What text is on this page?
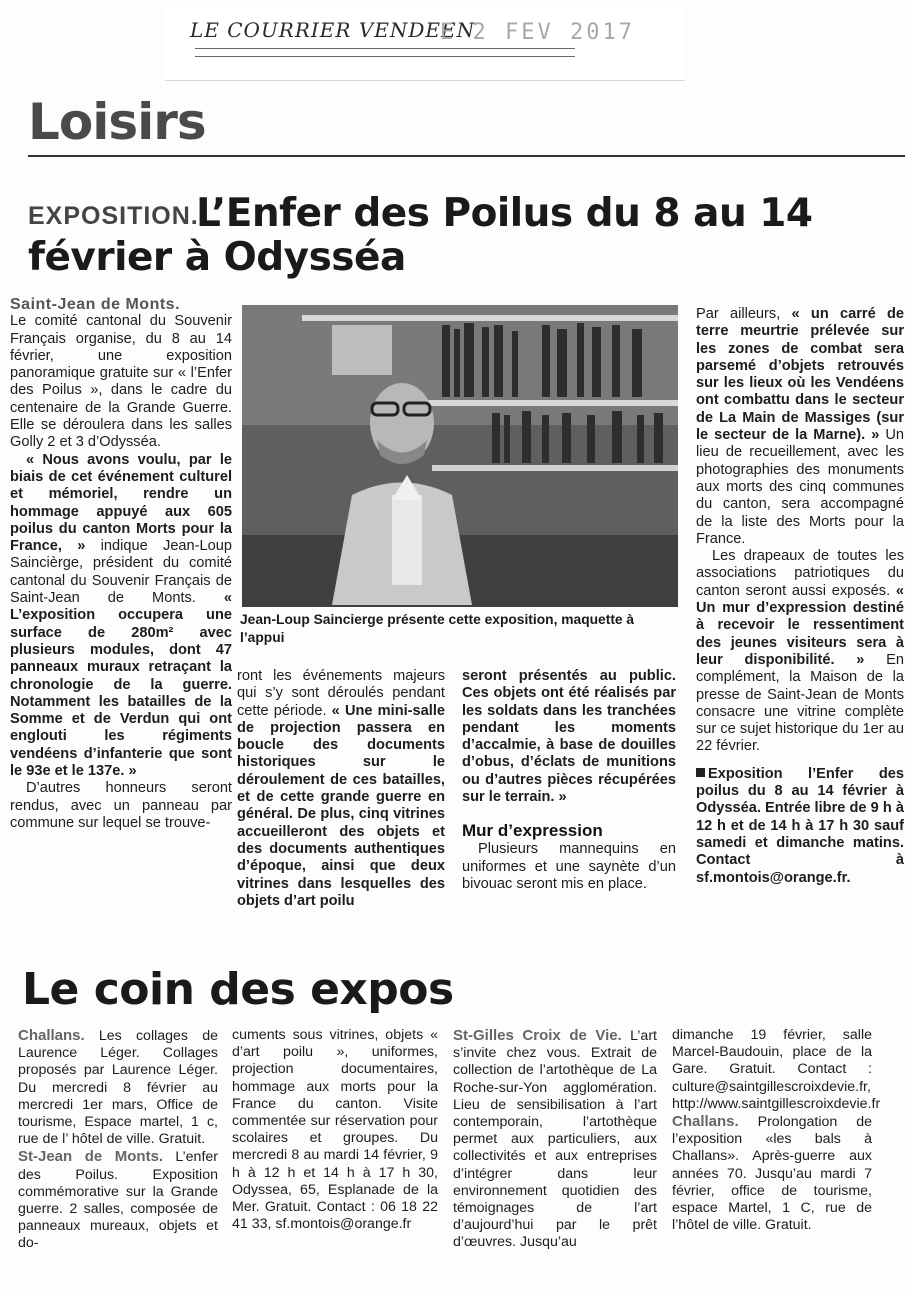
LE COURRIER VENDEEN
E 2 FEV 2017
Loisirs
EXPOSITION.
L’Enfer des Poilus du 8 au 14 février à Odysséa
Saint-Jean de Monts.

Le comité cantonal du Souvenir Français organise, du 8 au 14 février, une exposition panoramique gratuite sur « l’Enfer des Poilus », dans le cadre du centenaire de la Grande Guerre. Elle se déroulera dans les salles Golly 2 et 3 d’Odysséa.

« Nous avons voulu, par le biais de cet événement culturel et mémoriel, rendre un hommage appuyé aux 605 poilus du canton Morts pour la France, » indique Jean-Loup Saincièrge, président du comité cantonal du Souvenir Français de Saint-Jean de Monts. « L’exposition occupera une surface de 280m² avec plusieurs modules, dont 47 panneaux muraux retraçant la chronologie de la guerre. Notamment les batailles de la Somme et de Verdun qui ont englouti les régiments vendéens d’infanterie que sont le 93e et le 137e. »

D’autres honneurs seront rendus, avec un panneau par commune sur lequel se trouve-

Jean-Loup Saincierge présente cette exposition, maquette à l’appui

ront les événements majeurs qui s’y sont déroulés pendant cette période. « Une mini-salle de projection passera en boucle des documents historiques sur le déroulement de ces batailles, et de cette grande guerre en général. De plus, cinq vitrines accueilleront des objets et des documents authentiques d’époque, ainsi que deux vitrines dans lesquelles des objets d’art poilu

seront présentés au public. Ces objets ont été réalisés par les soldats dans les tranchées pendant les moments d’accalmie, à base de douilles d’obus, d’éclats de munitions ou d’autres pièces récupérées sur le terrain. »

Mur d’expression

Plusieurs mannequins en uniformes et une saynète d’un bivouac seront mis en place.

Par ailleurs, « un carré de terre meurtrie prélevée sur les zones de combat sera parsemé d’objets retrouvés sur les lieux où les Vendéens ont combattu dans le secteur de La Main de Massiges (sur le secteur de la Marne). » Un lieu de recueillement, avec les photographies des monuments aux morts des cinq communes du canton, sera accompagné de la liste des Morts pour la France.

Les drapeaux de toutes les associations patriotiques du canton seront aussi exposés. « Un mur d’expression destiné à recevoir le ressentiment des jeunes visiteurs sera à leur disponibilité. » En complément, la Maison de la presse de Saint-Jean de Monts consacre une vitrine complète sur ce sujet historique du 1er au 22 février.

Exposition l’Enfer des poilus du 8 au 14 février à Odysséa. Entrée libre de 9 h à 12 h et de 14 h à 17 h 30 sauf samedi et dimanche matins. Contact à sf.montois@orange.fr.

Le coin des expos

Challans. Les collages de Laurence Léger. Collages proposés par Laurence Léger. Du mercredi 8 février au mercredi 1er mars, Office de tourisme, Espace martel, 1 c, rue de l’ hôtel de ville. Gratuit.

St-Jean de Monts. L’enfer des Poilus. Exposition commémorative sur la Grande guerre. 2 salles, composée de panneaux mureaux, objets et do-

cuments sous vitrines, objets « d’art poilu », uniformes, projection documentaires, hommage aux morts pour la France du canton. Visite commentée sur réservation pour scolaires et groupes. Du mercredi 8 au mardi 14 février, 9 h à 12 h et 14 h à 17 h 30, Odyssea, 65, Esplanade de la Mer. Gratuit. Contact : 06 18 22 41 33, sf.montois@orange.fr

St-Gilles Croix de Vie. L’art s’invite chez vous. Extrait de collection de l’artothèque de La Roche-sur-Yon agglomération. Lieu de sensibilisation à l’art contemporain, l’artothèque permet aux particuliers, aux collectivités et aux entreprises d’intégrer dans leur environnement quotidien des témoignages de l’art d’aujourd’hui par le prêt d’œuvres. Jusqu’au

dimanche 19 février, salle Marcel-Baudouin, place de la Gare. Gratuit. Contact : culture@saintgillescroixdevie.fr, http://www.saintgillescroixdevie.fr

Challans. Prolongation de l’exposition «les bals à Challans». Après-guerre aux années 70. Jusqu’au mardi 7 février, office de tourisme, espace Martel, 1 C, rue de l’hôtel de ville. Gratuit.
